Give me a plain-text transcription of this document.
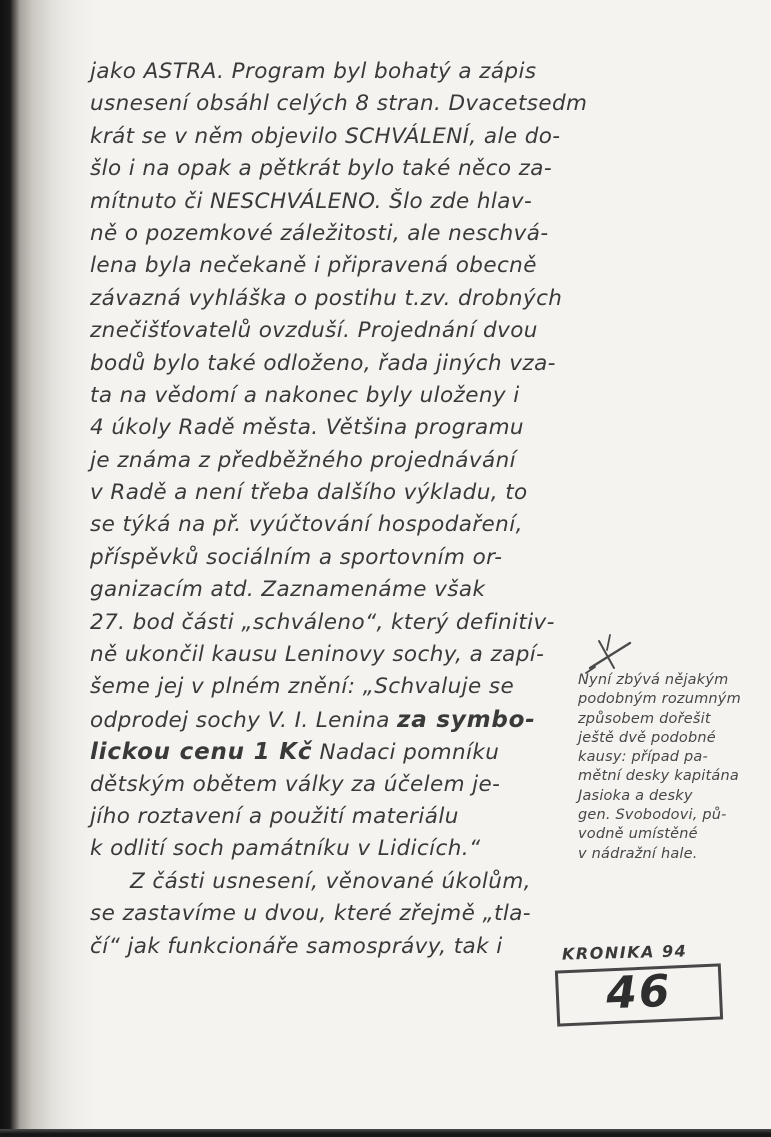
jako ASTRA. Program byl bohatý a zápis
usnesení obsáhl celých 8 stran. Dvacetsedm
krát se v něm objevilo SCHVÁLENÍ, ale do-
šlo i na opak a pětkrát bylo také něco za-
mítnuto či NESCHVÁLENO. Šlo zde hlav-
ně o pozemkové záležitosti, ale neschvá-
lena byla nečekaně i připravená obecně
závazná vyhláška o postihu t.zv. drobných
znečišťovatelů ovzduší. Projednání dvou
bodů bylo také odloženo, řada jiných vza-
ta na vědomí a nakonec byly uloženy i
4 úkoly Radě města. Většina programu
je známa z předběžného projednávání
v Radě a není třeba dalšího výkladu, to
se týká na př. vyúčtování hospodaření,
příspěvků sociálním a sportovním or-
ganizacím atd. Zaznamenáme však
27. bod části „schváleno“, který definitiv-
ně ukončil kausu Leninovy sochy, a zapí-
šeme jej v plném znění: „Schvaluje se
odprodej sochy V. I. Lenina za symbo-
lickou cenu 1 Kč Nadaci pomníku
dětským obětem války za účelem je-
jího roztavení a použití materiálu
k odlití soch památníku v Lidicích.“
Z části usnesení, věnované úkolům,
se zastavíme u dvou, které zřejmě „tla-
čí“ jak funkcionáře samosprávy, tak i
Nyní zbývá nějakým
podobným rozumným
způsobem dořešit
ještě dvě podobné
kausy: případ pa-
mětní desky kapitána
Jasioka a desky
gen. Svobodovi, pů-
vodně umístěné
v nádražní hale.
KRONIKA 94
46
